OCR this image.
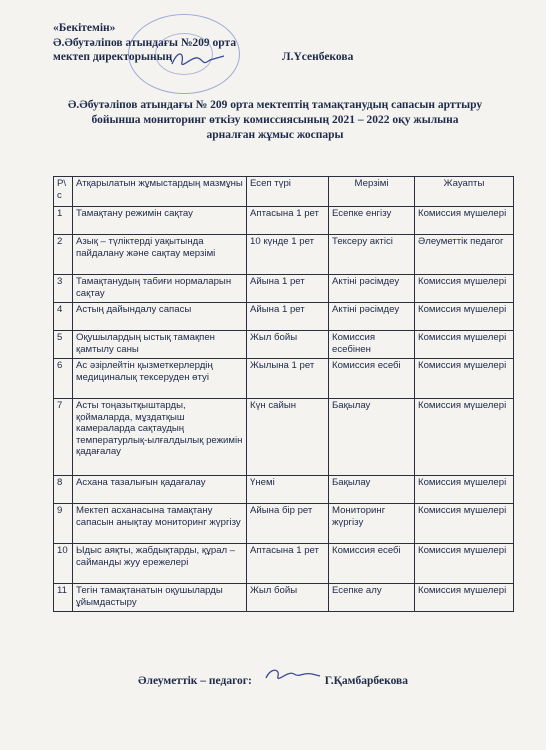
«Бекітемін»
Ә.Әбутәліпов атындағы №209 орта
мектеп директорының	Л.Үсенбекова
Ә.Әбутәліпов атындағы № 209 орта мектептің тамақтанудың сапасын арттыру
бойынша мониторинг өткізу комиссиясының 2021 – 2022 оқу жылына
арналған жұмыс жоспары
Р\с	Атқарылатын жұмыстардың мазмұны	Есеп түрі	Мерзімі	Жауапты
1	Тамақтану режимін сақтау	Аптасына 1 рет	Есепке енгізу	Комиссия мүшелері
2	Азық – түліктерді уақытында пайдалану және сақтау мерзімі	10 күнде 1 рет	Тексеру актісі	Әлеуметтік педагог
3	Тамақтанудың табиғи нормаларын сақтау	Айына 1 рет	Актіні рәсімдеу	Комиссия мүшелері
4	Астың дайындалу сапасы	Айына 1 рет	Актіні рәсімдеу	Комиссия мүшелері
5	Оқушылардың ыстық тамақпен қамтылу саны	Жыл бойы	Комиссия есебінен	Комиссия мүшелері
6	Ас әзірлейтін қызметкерлердің медициналық тексеруден өтуі	Жылына 1 рет	Комиссия есебі	Комиссия мүшелері
7	Асты тоңазытқыштарды, қоймаларда, мұздатқыш камераларда сақтаудың температурлық-ылғалдылық режимін қадағалау	Күн сайын	Бақылау	Комиссия мүшелері
8	Асхана тазалығын қадағалау	Үнемі	Бақылау	Комиссия мүшелері
9	Мектеп асханасына тамақтану сапасын анықтау мониторинг жүргізу	Айына бір рет	Мониторинг жүргізу	Комиссия мүшелері
10	Ыдыс аяқты, жабдықтарды, құрал – сайманды жуу ережелері	Аптасына 1 рет	Комиссия есебі	Комиссия мүшелері
11	Тегін тамақтанатын оқушыларды ұйымдастыру	Жыл бойы	Есепке алу	Комиссия мүшелері
Әлеуметтік – педагог:	Г.Қамбарбекова
